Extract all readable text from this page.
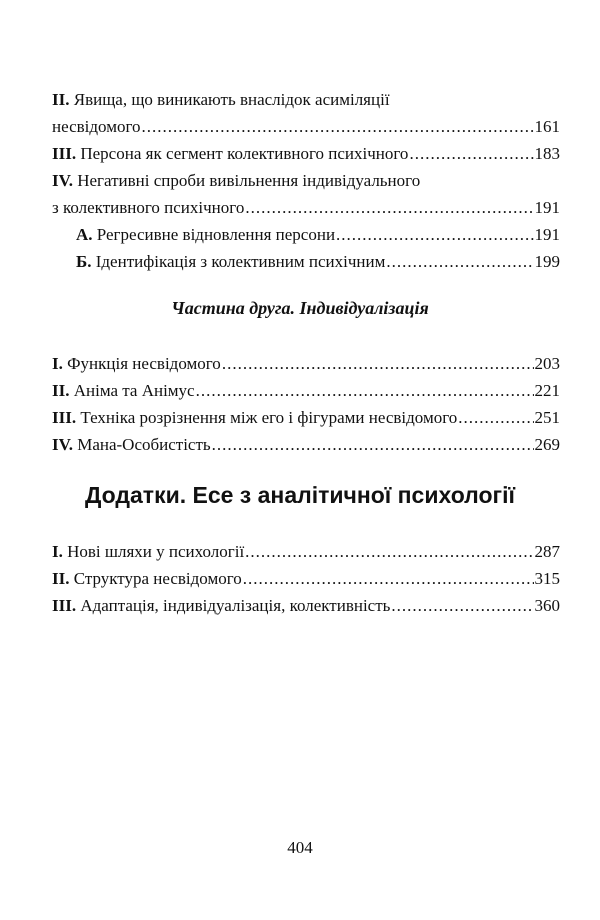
II. Явища, що виникають внаслідок асиміляції
несвідомого .....	161
III. Персона як сегмент колективного психічного .....	183
IV. Негативні спроби вивільнення індивідуального
з колективного психічного .....	191
А. Регресивне відновлення персони .....	191
Б. Ідентифікація з колективним психічним .....	199
Частина друга. Індивідуалізація
I. Функція несвідомого .....	203
II. Аніма та Анімус .....	221
III. Техніка розрізнення між его і фігурами несвідомого .....	251
IV. Мана-Особистість .....	269
Додатки. Есе з аналітичної психології
I. Нові шляхи у психології .....	287
II. Структура несвідомого .....	315
III. Адаптація, індивідуалізація, колективність .....	360
404
